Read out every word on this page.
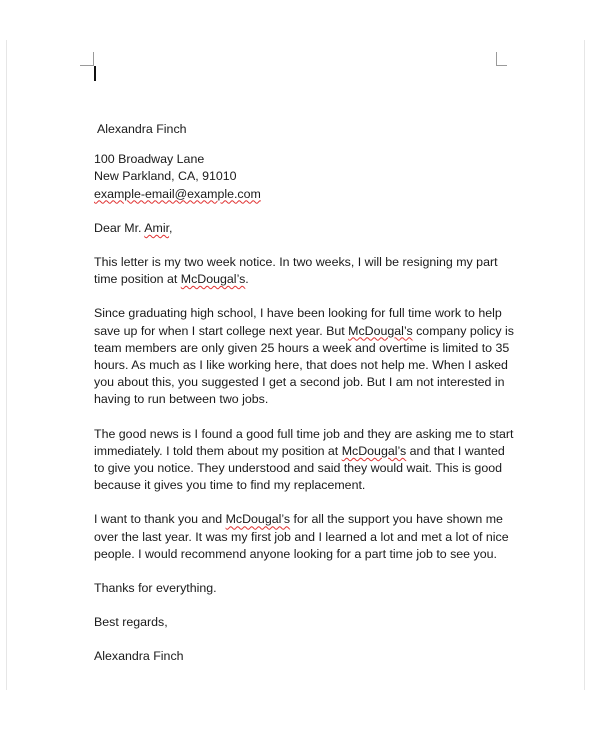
Alexandra Finch

100 Broadway Lane
New Parkland, CA, 91010
example-email@example.com

Dear Mr. Amir,

This letter is my two week notice. In two weeks, I will be resigning my part time position at McDougal’s.

Since graduating high school, I have been looking for full time work to help save up for when I start college next year. But McDougal’s company policy is team members are only given 25 hours a week and overtime is limited to 35 hours. As much as I like working here, that does not help me. When I asked you about this, you suggested I get a second job. But I am not interested in having to run between two jobs.

The good news is I found a good full time job and they are asking me to start immediately. I told them about my position at McDougal’s and that I wanted to give you notice. They understood and said they would wait. This is good because it gives you time to find my replacement.

I want to thank you and McDougal’s for all the support you have shown me over the last year. It was my first job and I learned a lot and met a lot of nice people. I would recommend anyone looking for a part time job to see you.

Thanks for everything.

Best regards,

Alexandra Finch
